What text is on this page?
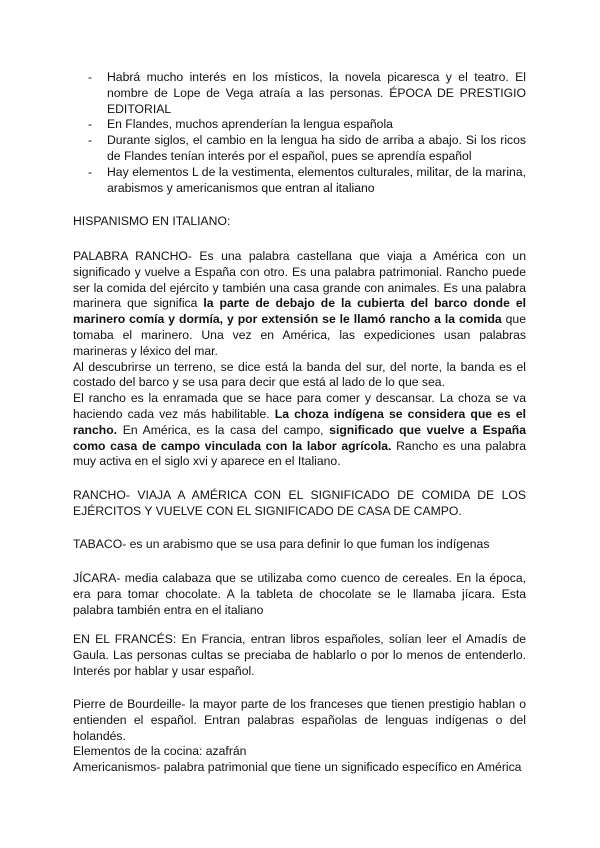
- Habrá mucho interés en los místicos, la novela picaresca y el teatro. El nombre de Lope de Vega atraía a las personas. ÉPOCA DE PRESTIGIO EDITORIAL
- En Flandes, muchos aprenderían la lengua española
- Durante siglos, el cambio en la lengua ha sido de arriba a abajo. Si los ricos de Flandes tenían interés por el español, pues se aprendía español
- Hay elementos L de la vestimenta, elementos culturales, militar, de la marina, arabismos y americanismos que entran al italiano
HISPANISMO EN ITALIANO:

PALABRA RANCHO- Es una palabra castellana que viaja a América con un significado y vuelve a España con otro. Es una palabra patrimonial. Rancho puede ser la comida del ejército y también una casa grande con animales. Es una palabra marinera que significa la parte de debajo de la cubierta del barco donde el marinero comía y dormía, y por extensión se le llamó rancho a la comida que tomaba el marinero. Una vez en América, las expediciones usan palabras marineras y léxico del mar.

Al descubrirse un terreno, se dice está la banda del sur, del norte, la banda es el costado del barco y se usa para decir que está al lado de lo que sea.

El rancho es la enramada que se hace para comer y descansar. La choza se va haciendo cada vez más habilitable. La choza indígena se considera que es el rancho. En América, es la casa del campo, significado que vuelve a España como casa de campo vinculada con la labor agrícola. Rancho es una palabra muy activa en el siglo xvi y aparece en el Italiano.

RANCHO- VIAJA A AMÉRICA CON EL SIGNIFICADO DE COMIDA DE LOS EJÉRCITOS Y VUELVE CON EL SIGNIFICADO DE CASA DE CAMPO.

TABACO- es un arabismo que se usa para definir lo que fuman los indígenas

JÍCARA- media calabaza que se utilizaba como cuenco de cereales. En la época, era para tomar chocolate. A la tableta de chocolate se le llamaba jícara. Esta palabra también entra en el italiano

EN EL FRANCÉS: En Francia, entran libros españoles, solían leer el Amadís de Gaula. Las personas cultas se preciaba de hablarlo o por lo menos de entenderlo. Interés por hablar y usar español.

Pierre de Bourdeille- la mayor parte de los franceses que tienen prestigio hablan o entienden el español. Entran palabras españolas de lenguas indígenas o del holandés.

Elementos de la cocina: azafrán

Americanismos- palabra patrimonial que tiene un significado específico en América
